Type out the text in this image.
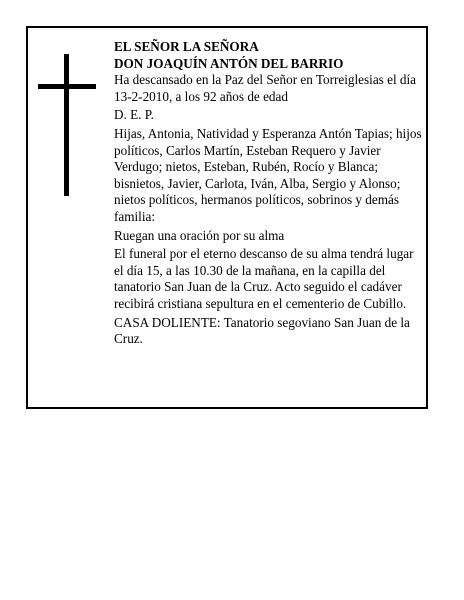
EL SEÑOR LA SEÑORA
DON JOAQUÍN ANTÓN DEL BARRIO

Ha descansado en la Paz del Señor en Torreiglesias el día 13-2-2010, a los 92 años de edad

D. E. P.

Hijas, Antonia, Natividad y Esperanza Antón Tapias; hijos políticos, Carlos Martín, Esteban Requero y Javier Verdugo; nietos, Esteban, Rubén, Rocío y Blanca; bisnietos, Javier, Carlota, Iván, Alba, Sergio y Alonso; nietos políticos, hermanos políticos, sobrinos y demás familia:

Ruegan una oración por su alma

El funeral por el eterno descanso de su alma tendrá lugar el día 15, a las 10.30 de la mañana, en la capilla del tanatorio San Juan de la Cruz. Acto seguido el cadáver recibirá cristiana sepultura en el cementerio de Cubillo.

CASA DOLIENTE: Tanatorio segoviano San Juan de la Cruz.
